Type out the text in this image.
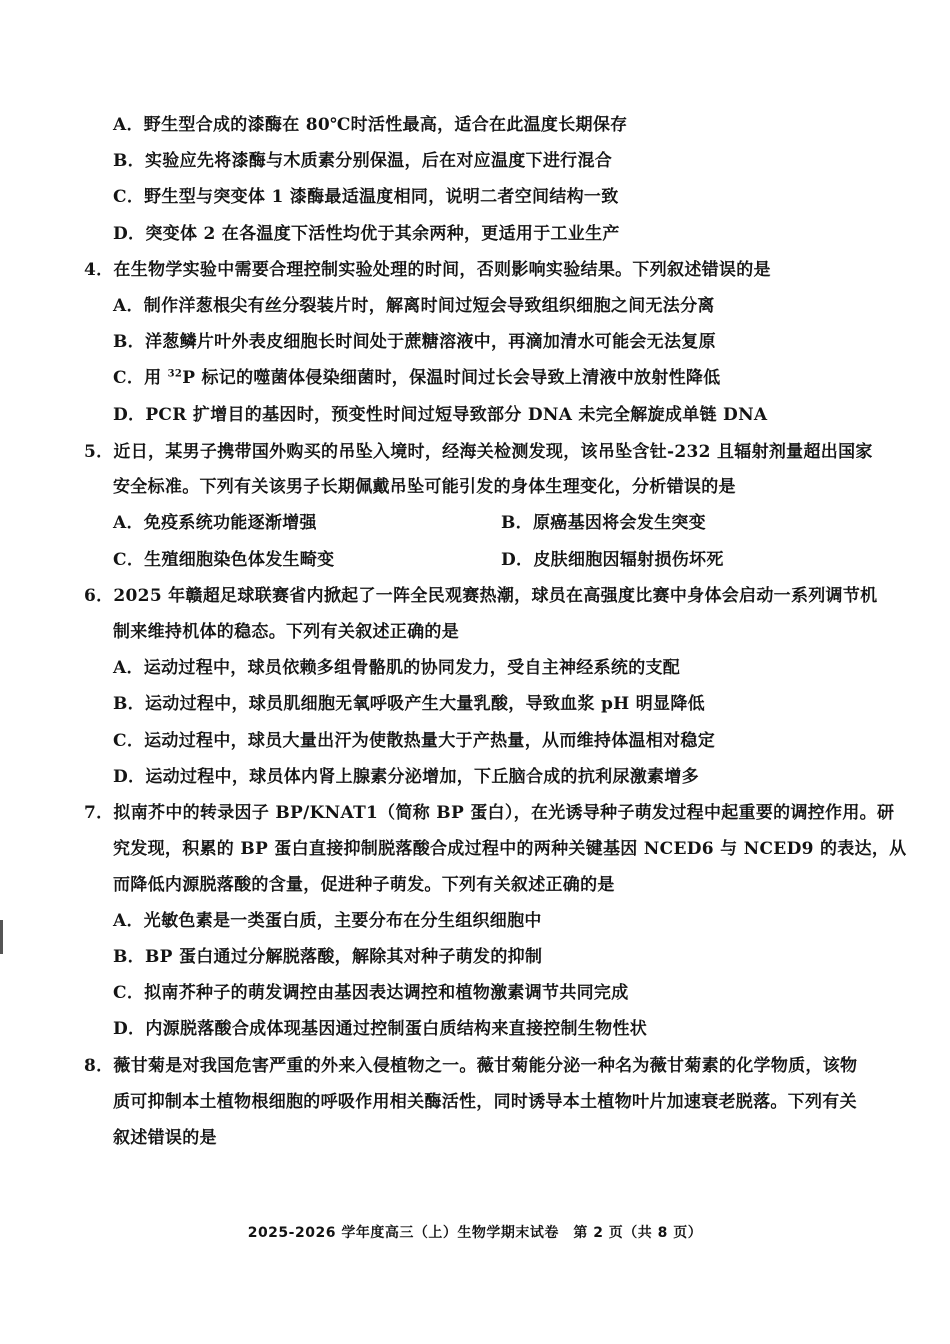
A．野生型合成的漆酶在 80℃时活性最高，适合在此温度长期保存
B．实验应先将漆酶与木质素分别保温，后在对应温度下进行混合
C．野生型与突变体 1 漆酶最适温度相同，说明二者空间结构一致
D．突变体 2 在各温度下活性均优于其余两种，更适用于工业生产
4．在生物学实验中需要合理控制实验处理的时间，否则影响实验结果。下列叙述错误的是
A．制作洋葱根尖有丝分裂装片时，解离时间过短会导致组织细胞之间无法分离
B．洋葱鳞片叶外表皮细胞长时间处于蔗糖溶液中，再滴加清水可能会无法复原
C．用 $^{32}$P 标记的噬菌体侵染细菌时，保温时间过长会导致上清液中放射性降低
D．PCR 扩增目的基因时，预变性时间过短导致部分 DNA 未完全解旋成单链 DNA
5．近日，某男子携带国外购买的吊坠入境时，经海关检测发现，该吊坠含钍-232 且辐射剂量超出国家
安全标准。下列有关该男子长期佩戴吊坠可能引发的身体生理变化，分析错误的是
A．免疫系统功能逐渐增强	B．原癌基因将会发生突变
C．生殖细胞染色体发生畸变	D．皮肤细胞因辐射损伤坏死
6．2025 年赣超足球联赛省内掀起了一阵全民观赛热潮，球员在高强度比赛中身体会启动一系列调节机
制来维持机体的稳态。下列有关叙述正确的是
A．运动过程中，球员依赖多组骨骼肌的协同发力，受自主神经系统的支配
B．运动过程中，球员肌细胞无氧呼吸产生大量乳酸，导致血浆 pH 明显降低
C．运动过程中，球员大量出汗为使散热量大于产热量，从而维持体温相对稳定
D．运动过程中，球员体内肾上腺素分泌增加，下丘脑合成的抗利尿激素增多
7．拟南芥中的转录因子 BP/KNAT1（简称 BP 蛋白），在光诱导种子萌发过程中起重要的调控作用。研
究发现，积累的 BP 蛋白直接抑制脱落酸合成过程中的两种关键基因 NCED6 与 NCED9 的表达，从
而降低内源脱落酸的含量，促进种子萌发。下列有关叙述正确的是
A．光敏色素是一类蛋白质，主要分布在分生组织细胞中
B．BP 蛋白通过分解脱落酸，解除其对种子萌发的抑制
C．拟南芥种子的萌发调控由基因表达调控和植物激素调节共同完成
D．内源脱落酸合成体现基因通过控制蛋白质结构来直接控制生物性状
8．薇甘菊是对我国危害严重的外来入侵植物之一。薇甘菊能分泌一种名为薇甘菊素的化学物质，该物
质可抑制本土植物根细胞的呼吸作用相关酶活性，同时诱导本土植物叶片加速衰老脱落。下列有关
叙述错误的是
2025-2026 学年度高三（上）生物学期末试卷　第 2 页（共 8 页）
